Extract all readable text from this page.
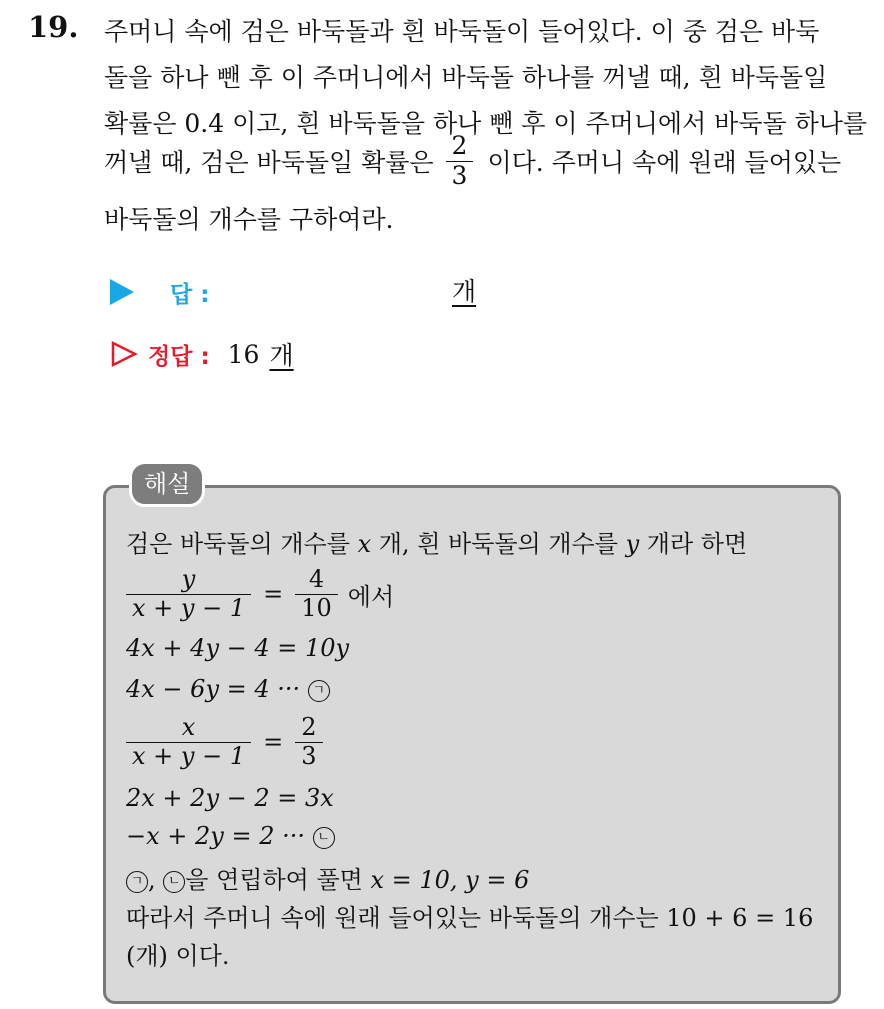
19. 주머니 속에 검은 바둑돌과 흰 바둑돌이 들어있다. 이 중 검은 바둑
돌을 하나 뺀 후 이 주머니에서 바둑돌 하나를 꺼낼 때, 흰 바둑돌일
확률은 0.4 이고, 흰 바둑돌을 하나 뺀 후 이 주머니에서 바둑돌 하나를
꺼낼 때, 검은 바둑돌일 확률은 $\frac{2}{3}$ 이다. 주머니 속에 원래 들어있는
바둑돌의 개수를 구하여라.
답 :	개
정답 : 16 개
해설
검은 바둑돌의 개수를 x 개, 흰 바둑돌의 개수를 y 개라 하면
$\frac{y}{x + y - 1} = \frac{4}{10}$ 에서
4x + 4y − 4 = 10y
4x − 6y = 4 ··· ㄱ
$\frac{x}{x + y - 1} = \frac{2}{3}$
2x + 2y − 2 = 3x
−x + 2y = 2 ··· ㄴ
ㄱ , ㄴ 을 연립하여 풀면 x = 10, y = 6
따라서 주머니 속에 원래 들어있는 바둑돌의 개수는 10 + 6 = 16
(개) 이다.
